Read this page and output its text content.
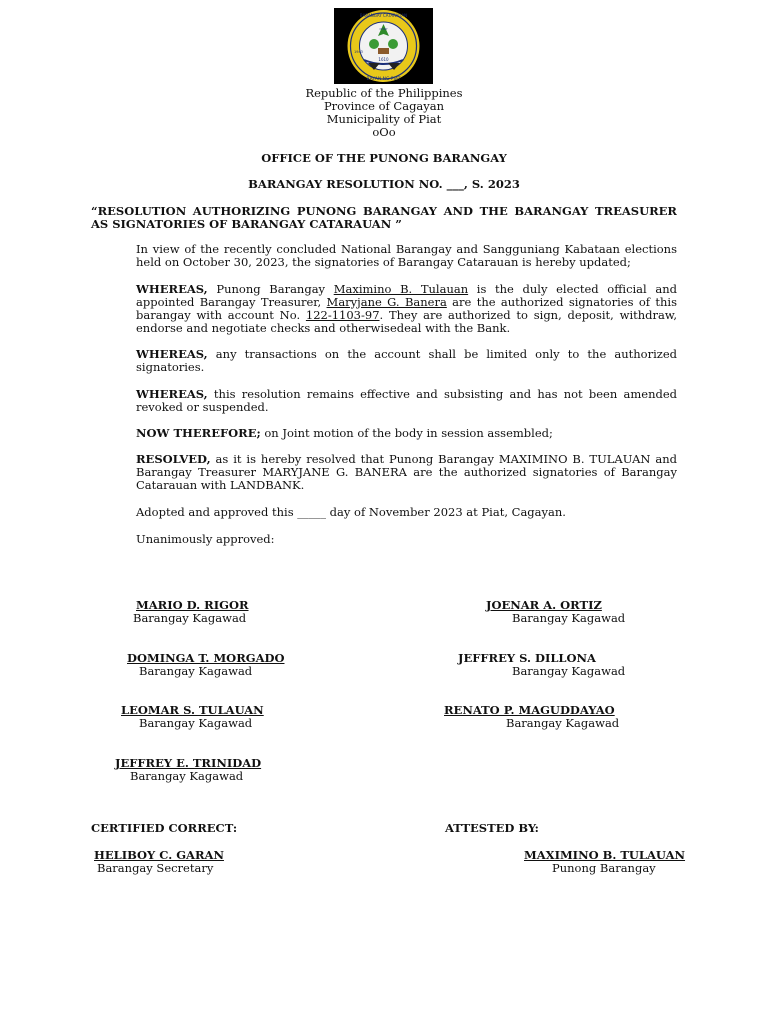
BARANGAY CATARAUAN
BAYAN NG PIAT
1943
1610
CHRY
Republic of the Philippines
Province of Cagayan
Municipality of Piat
oOo
OFFICE OF THE PUNONG BARANGAY
BARANGAY RESOLUTION NO. ___, S. 2023
“RESOLUTION AUTHORIZING PUNONG BARANGAY AND THE BARANGAY TREASURER AS SIGNATORIES OF BARANGAY CATARAUAN ”
In view of the recently concluded National Barangay and Sangguniang Kabataan elections held on October 30, 2023, the signatories of Barangay Catarauan is hereby updated;
WHEREAS, Punong Barangay Maximino B. Tulauan is the duly elected official and appointed Barangay Treasurer, Maryjane G. Banera are the authorized signatories of this barangay with account No. 122-1103-97. They are authorized to sign, deposit, withdraw, endorse and negotiate checks and otherwisedeal with the Bank.
WHEREAS, any transactions on the account shall be limited only to the authorized signatories.
WHEREAS, this resolution remains effective and subsisting and has not been amended revoked or suspended.
NOW THEREFORE; on Joint motion of the body in session assembled;
RESOLVED, as it is hereby resolved that Punong Barangay MAXIMINO B. TULAUAN and Barangay Treasurer MARYJANE G. BANERA are the authorized signatories of Barangay Catarauan with LANDBANK.
Adopted and approved this _____ day of November 2023 at Piat, Cagayan.
Unanimously approved:
MARIO D. RIGOR
Barangay Kagawad
JOENAR A. ORTIZ
Barangay Kagawad
DOMINGA T. MORGADO
Barangay Kagawad
JEFFREY S. DILLONA
Barangay Kagawad
LEOMAR S. TULAUAN
Barangay Kagawad
RENATO P. MAGUDDAYAO
Barangay Kagawad
JEFFREY E. TRINIDAD
Barangay Kagawad
CERTIFIED CORRECT:	ATTESTED BY:
HELIBOY C. GARAN
Barangay Secretary
MAXIMINO B. TULAUAN
Punong Barangay
